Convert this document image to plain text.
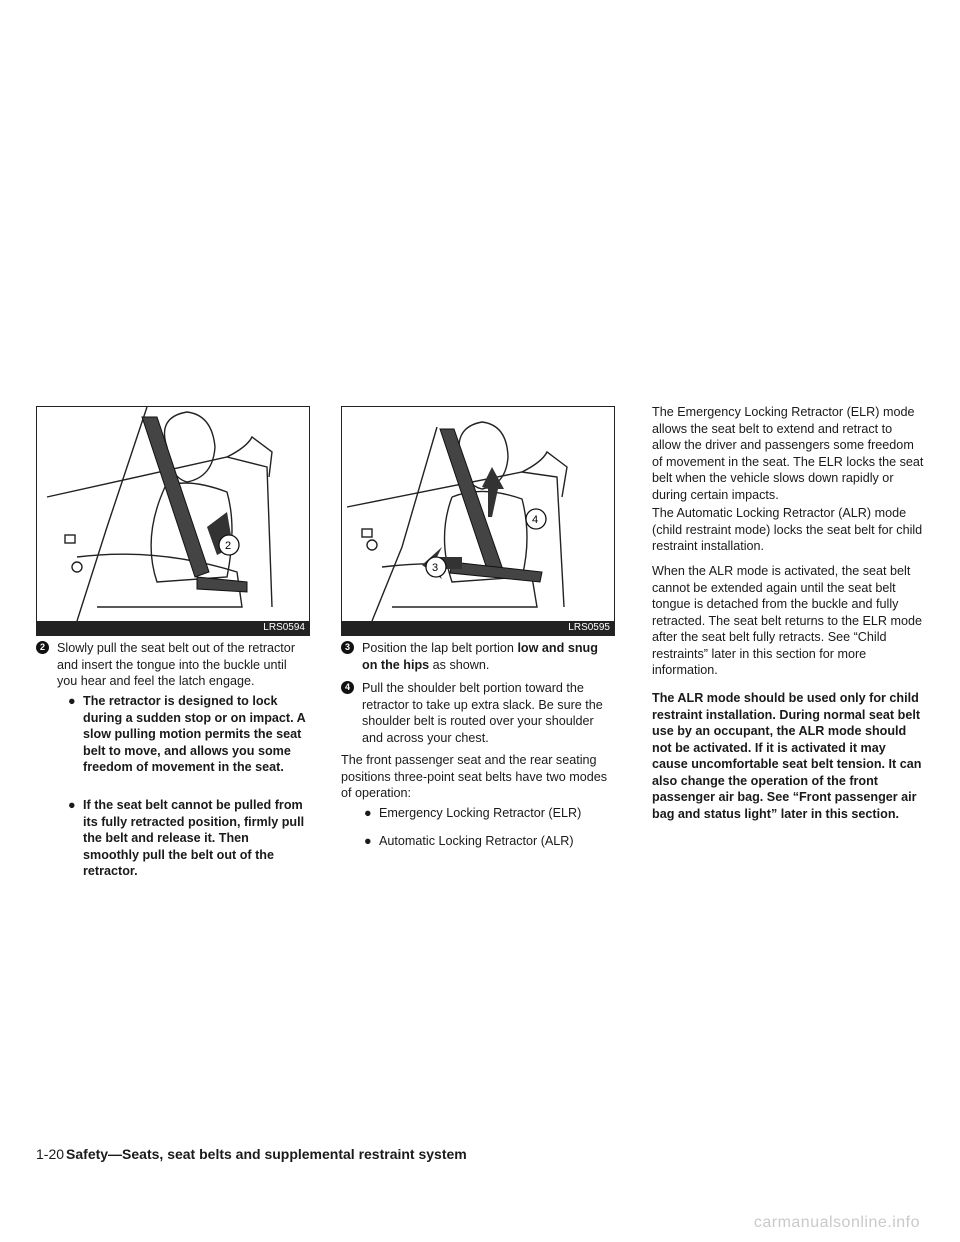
2
LRS0594
4
3
LRS0595
2 Slowly pull the seat belt out of the retractor and insert the tongue into the buckle until you hear and feel the latch engage.
● The retractor is designed to lock during a sudden stop or on impact. A slow pulling motion permits the seat belt to move, and allows you some freedom of movement in the seat.
● If the seat belt cannot be pulled from its fully retracted position, firmly pull the belt and release it. Then smoothly pull the belt out of the retractor.
3 Position the lap belt portion low and snug on the hips as shown.
4 Pull the shoulder belt portion toward the retractor to take up extra slack. Be sure the shoulder belt is routed over your shoulder and across your chest.

The front passenger seat and the rear seating positions three-point seat belts have two modes of operation:

● Emergency Locking Retractor (ELR)
● Automatic Locking Retractor (ALR)

The Emergency Locking Retractor (ELR) mode allows the seat belt to extend and retract to allow the driver and passengers some freedom of movement in the seat. The ELR locks the seat belt when the vehicle slows down rapidly or during certain impacts.

The Automatic Locking Retractor (ALR) mode (child restraint mode) locks the seat belt for child restraint installation.

When the ALR mode is activated, the seat belt cannot be extended again until the seat belt tongue is detached from the buckle and fully retracted. The seat belt returns to the ELR mode after the seat belt fully retracts. See “Child restraints” later in this section for more information.

The ALR mode should be used only for child restraint installation. During normal seat belt use by an occupant, the ALR mode should not be activated. If it is activated it may cause uncomfortable seat belt tension. It can also change the operation of the front passenger air bag. See “Front passenger air bag and status light” later in this section.

1-20 Safety—Seats, seat belts and supplemental restraint system
carmanualsonline.info
